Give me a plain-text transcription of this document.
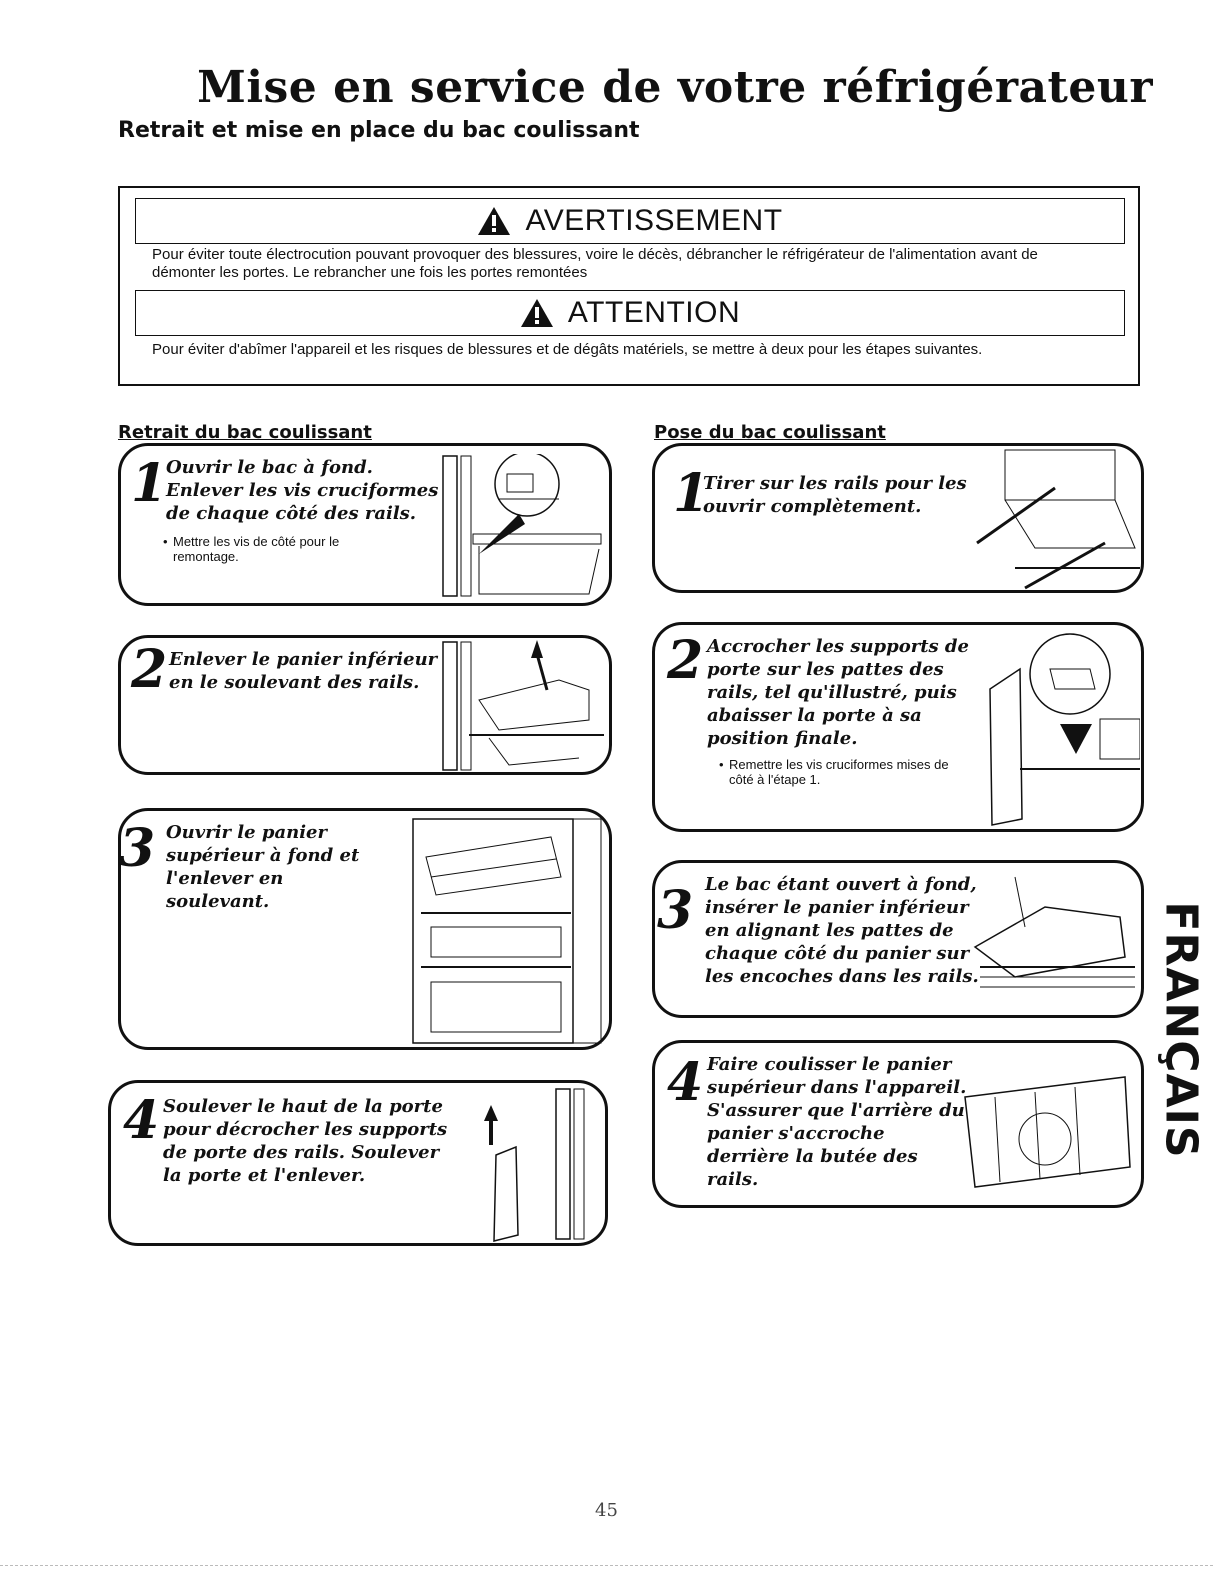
Mise en service de votre réfrigérateur
Retrait et mise en place du bac coulissant
AVERTISSEMENT
Pour éviter toute électrocution pouvant provoquer des blessures, voire le décès, débrancher le réfrigérateur de l'alimentation avant de démonter les portes. Le rebrancher une fois les portes remontées
ATTENTION
Pour éviter d'abîmer l'appareil et les risques de blessures et de dégâts matériels, se mettre à deux pour les étapes suivantes.
Retrait du bac coulissant	Pose du bac coulissant
1
Ouvrir le bac à fond. Enlever les vis cruciformes de chaque côté des rails.
• Mettre les vis de côté pour le remontage.
2 Enlever le panier inférieur en le soulevant des rails.
3 Ouvrir le panier supérieur à fond et l'enlever en soulevant.
4 Soulever le haut de la porte pour décrocher les supports de porte des rails. Soulever la porte et l'enlever.
1
Tirer sur les rails pour les ouvrir complètement.
2 Accrocher les supports de porte sur les pattes des rails, tel qu'illustré, puis abaisser la porte à sa position finale.
• Remettre les vis cruciformes mises de côté à l'étape 1.
3 Le bac étant ouvert à fond, insérer le panier inférieur en alignant les pattes de chaque côté du panier sur les encoches dans les rails.
4 Faire coulisser le panier supérieur dans l'appareil. S'assurer que l'arrière du panier s'accroche derrière la butée des rails.
FRANÇAIS
45
